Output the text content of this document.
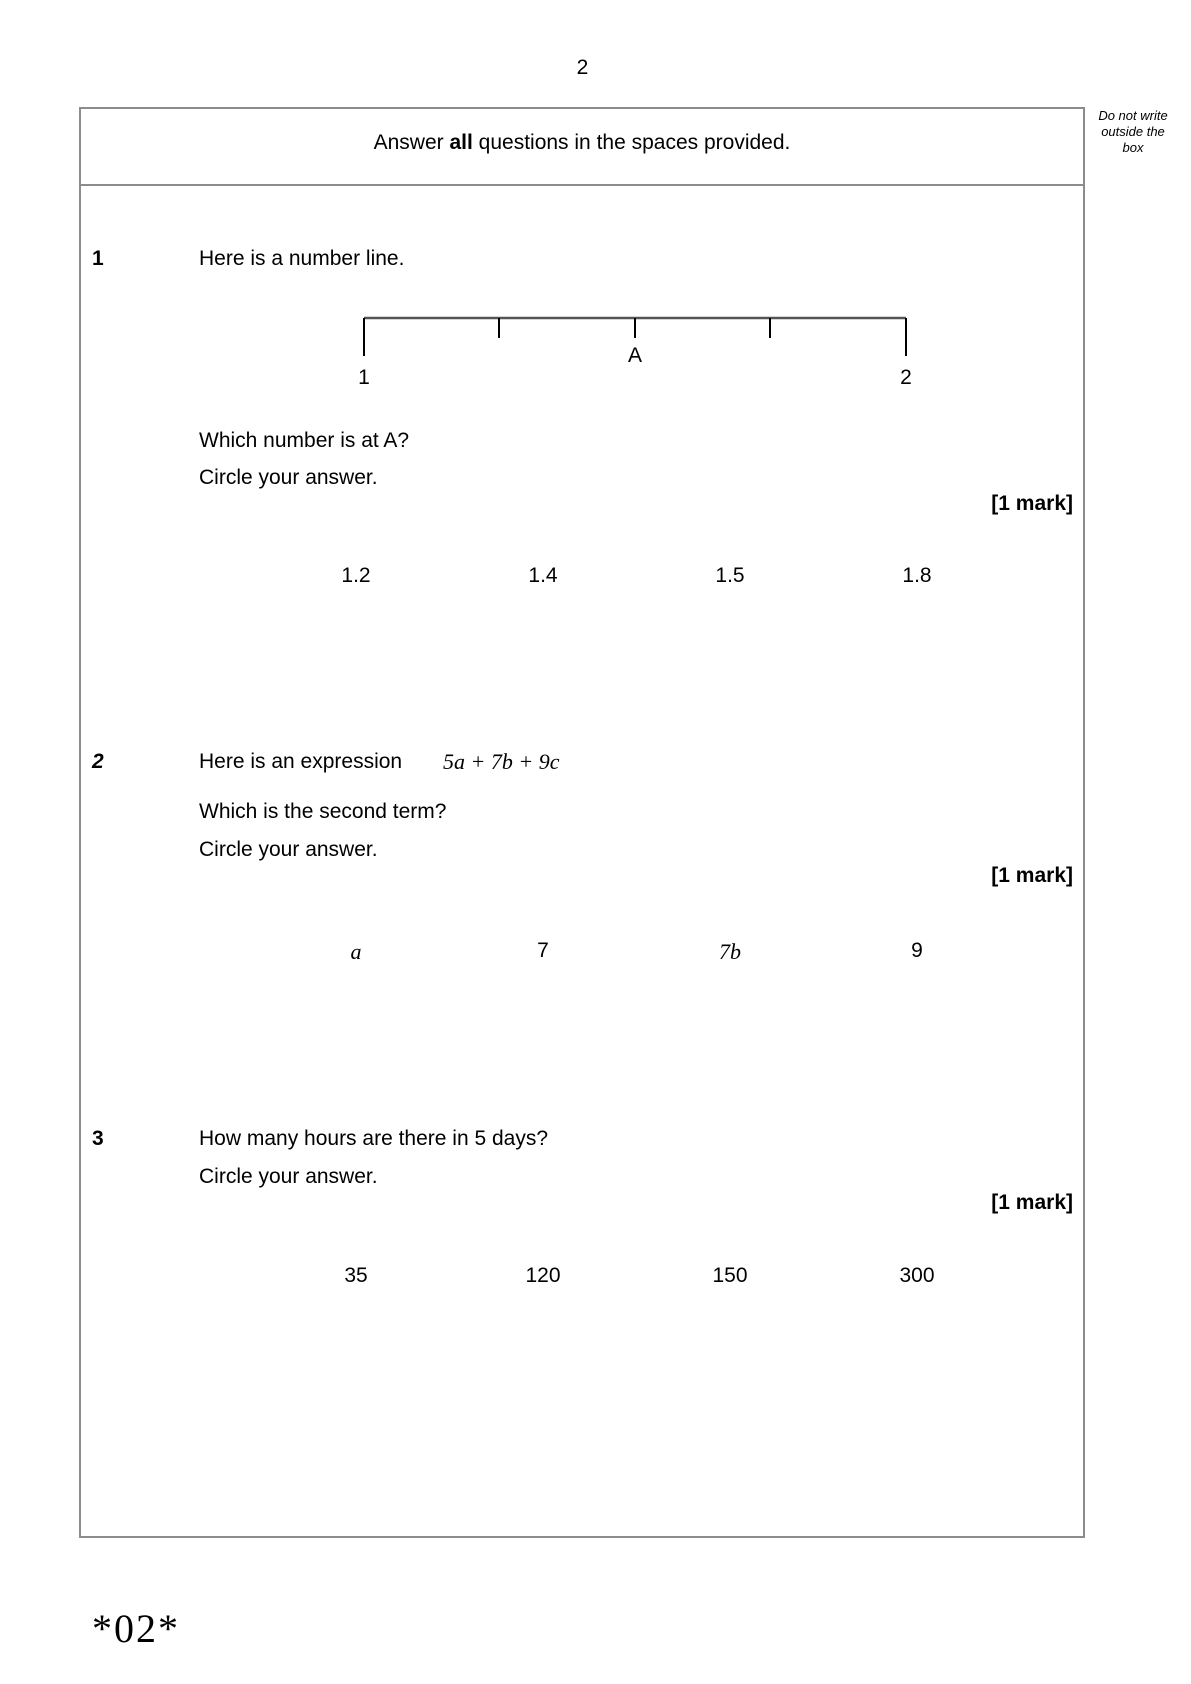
2
Do not write outside the box
Answer all questions in the spaces provided.
1	Here is a number line.
A
1	2
Which number is at A?
Circle your answer.
[1 mark]
1.2	1.4	1.5	1.8
2	Here is an expression 5a + 7b + 9c
Which is the second term?
Circle your answer.
[1 mark]
a	7	7b	9
3	How many hours are there in 5 days?
Circle your answer.
[1 mark]
35	120	150	300
*02*
